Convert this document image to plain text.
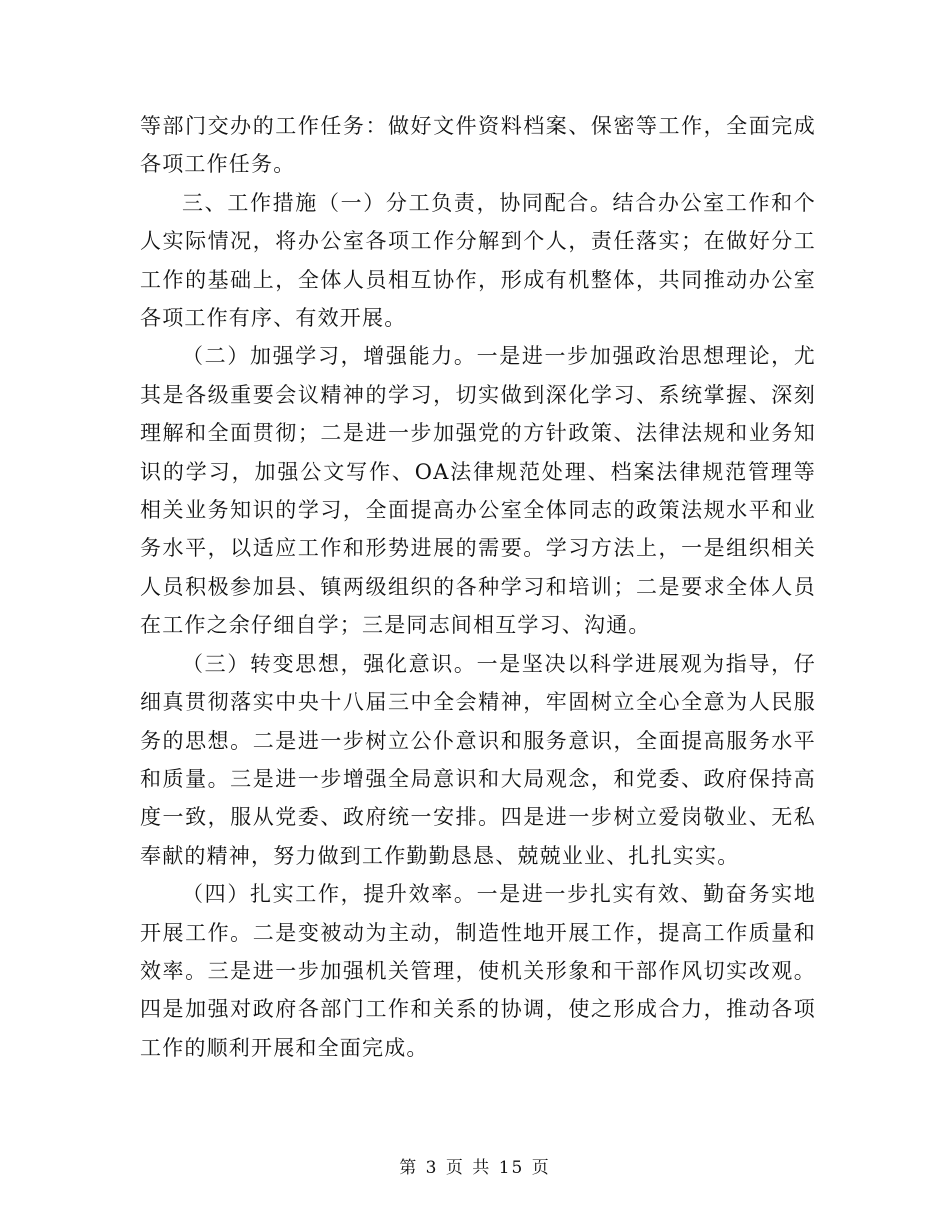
等部门交办的工作任务：做好文件资料档案、保密等工作，全面完成各项工作任务。

三、工作措施（一）分工负责，协同配合。结合办公室工作和个人实际情况，将办公室各项工作分解到个人，责任落实；在做好分工工作的基础上，全体人员相互协作，形成有机整体，共同推动办公室各项工作有序、有效开展。

（二）加强学习，增强能力。一是进一步加强政治思想理论，尤其是各级重要会议精神的学习，切实做到深化学习、系统掌握、深刻理解和全面贯彻；二是进一步加强党的方针政策、法律法规和业务知识的学习，加强公文写作、OA法律规范处理、档案法律规范管理等相关业务知识的学习，全面提高办公室全体同志的政策法规水平和业务水平，以适应工作和形势进展的需要。学习方法上，一是组织相关人员积极参加县、镇两级组织的各种学习和培训；二是要求全体人员在工作之余仔细自学；三是同志间相互学习、沟通。

（三）转变思想，强化意识。一是坚决以科学进展观为指导，仔细真贯彻落实中央十八届三中全会精神，牢固树立全心全意为人民服务的思想。二是进一步树立公仆意识和服务意识，全面提高服务水平和质量。三是进一步增强全局意识和大局观念，和党委、政府保持高度一致，服从党委、政府统一安排。四是进一步树立爱岗敬业、无私奉献的精神，努力做到工作勤勤恳恳、兢兢业业、扎扎实实。

（四）扎实工作，提升效率。一是进一步扎实有效、勤奋务实地开展工作。二是变被动为主动，制造性地开展工作，提高工作质量和效率。三是进一步加强机关管理，使机关形象和干部作风切实改观。四是加强对政府各部门工作和关系的协调，使之形成合力，推动各项工作的顺利开展和全面完成。

第 3 页 共 15 页
